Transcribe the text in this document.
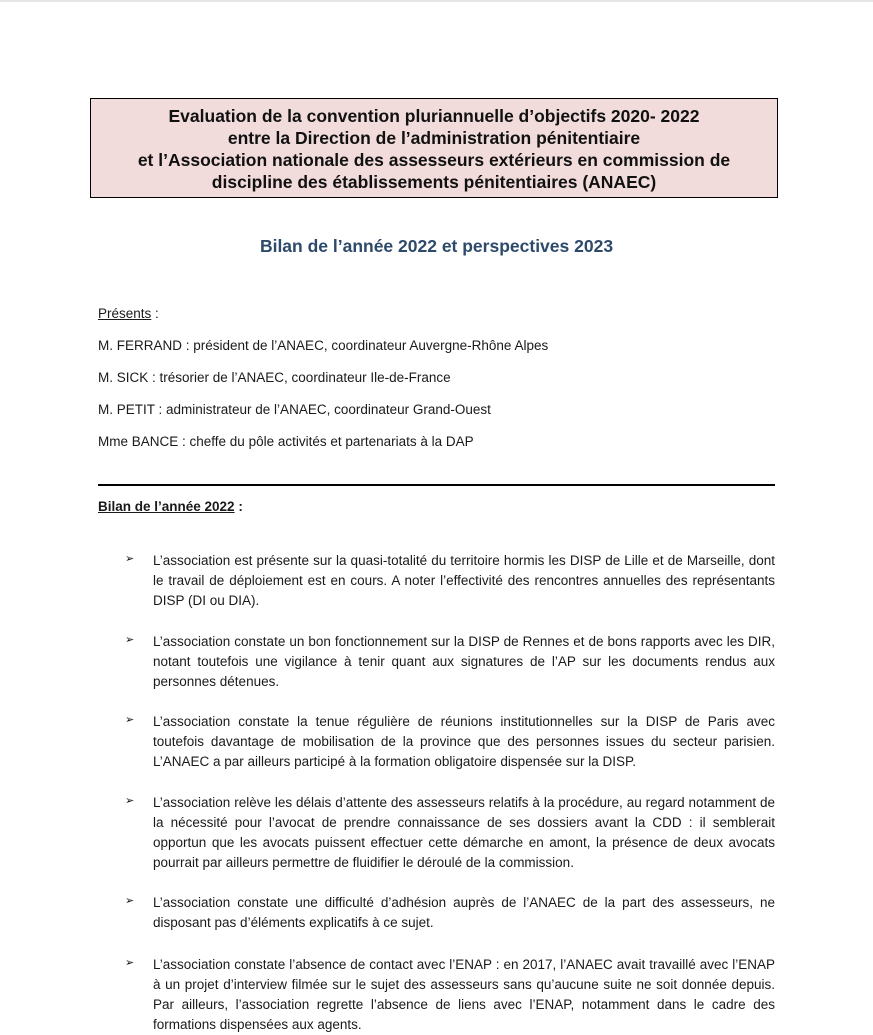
Evaluation de la convention pluriannuelle d’objectifs 2020- 2022
entre la Direction de l’administration pénitentiaire
et l’Association nationale des assesseurs extérieurs en commission de
discipline des établissements pénitentiaires (ANAEC)
Bilan de l’année 2022 et perspectives 2023
Présents :
M. FERRAND : président de l’ANAEC, coordinateur Auvergne-Rhône Alpes
M. SICK : trésorier de l’ANAEC, coordinateur Ile-de-France
M. PETIT : administrateur de l’ANAEC, coordinateur Grand-Ouest
Mme BANCE : cheffe du pôle activités et partenariats à la DAP
Bilan de l’année 2022 :
➢ L’association est présente sur la quasi-totalité du territoire hormis les DISP de Lille et de Marseille, dont le travail de déploiement est en cours. A noter l’effectivité des rencontres annuelles des représentants DISP (DI ou DIA).
➢ L’association constate un bon fonctionnement sur la DISP de Rennes et de bons rapports avec les DIR, notant toutefois une vigilance à tenir quant aux signatures de l’AP sur les documents rendus aux personnes détenues.
➢ L’association constate la tenue régulière de réunions institutionnelles sur la DISP de Paris avec toutefois davantage de mobilisation de la province que des personnes issues du secteur parisien. L’ANAEC a par ailleurs participé à la formation obligatoire dispensée sur la DISP.
➢ L’association relève les délais d’attente des assesseurs relatifs à la procédure, au regard notamment de la nécessité pour l’avocat de prendre connaissance de ses dossiers avant la CDD : il semblerait opportun que les avocats puissent effectuer cette démarche en amont, la présence de deux avocats pourrait par ailleurs permettre de fluidifier le déroulé de la commission.
➢ L’association constate une difficulté d’adhésion auprès de l’ANAEC de la part des assesseurs, ne disposant pas d’éléments explicatifs à ce sujet.
➢ L’association constate l’absence de contact avec l’ENAP : en 2017, l’ANAEC avait travaillé avec l’ENAP à un projet d’interview filmée sur le sujet des assesseurs sans qu’aucune suite ne soit donnée depuis. Par ailleurs, l’association regrette l’absence de liens avec l’ENAP, notamment dans le cadre des formations dispensées aux agents.
